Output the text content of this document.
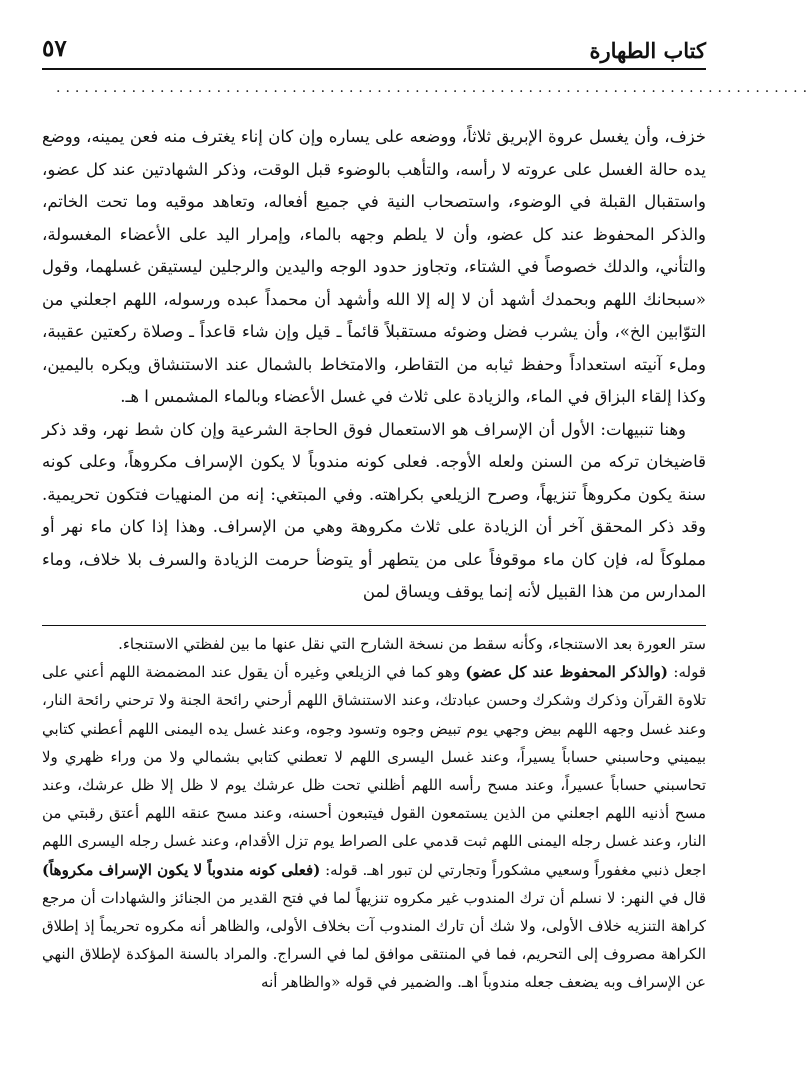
كتاب الطهارة
٥٧
................................................................................

خزف، وأن يغسل عروة الإبريق ثلاثاً، ووضعه على يساره وإن كان إناء يغترف منه فعن يمينه، ووضع يده حالة الغسل على عروته لا رأسه، والتأهب بالوضوء قبل الوقت، وذكر الشهادتين عند كل عضو، واستقبال القبلة في الوضوء، واستصحاب النية في جميع أفعاله، وتعاهد موقيه وما تحت الخاتم، والذكر المحفوظ عند كل عضو، وأن لا يلطم وجهه بالماء، وإمرار اليد على الأعضاء المغسولة، والتأني، والدلك خصوصاً في الشتاء، وتجاوز حدود الوجه واليدين والرجلين ليستيقن غسلهما، وقول «سبحانك اللهم وبحمدك أشهد أن لا إله إلا الله وأشهد أن محمداً عبده ورسوله، اللهم اجعلني من التوّابين الخ»، وأن يشرب فضل وضوئه مستقبلاً قائماً ـ قيل وإن شاء قاعداً ـ وصلاة ركعتين عقيبة، وملء آنيته استعداداً وحفظ ثيابه من التقاطر، والامتخاط بالشمال عند الاستنشاق ويكره باليمين، وكذا إلقاء البزاق في الماء، والزيادة على ثلاث في غسل الأعضاء وبالماء المشمس ا هـ.

وهنا تنبيهات: الأول أن الإسراف هو الاستعمال فوق الحاجة الشرعية وإن كان شط نهر، وقد ذكر قاضيخان تركه من السنن ولعله الأوجه. فعلى كونه مندوباً لا يكون الإسراف مكروهاً، وعلى كونه سنة يكون مكروهاً تنزيهاً، وصرح الزيلعي بكراهته. وفي المبتغي: إنه من المنهيات فتكون تحريمية. وقد ذكر المحقق آخر أن الزيادة على ثلاث مكروهة وهي من الإسراف. وهذا إذا كان ماء نهر أو مملوكاً له، فإن كان ماء موقوفاً على من يتطهر أو يتوضأ حرمت الزيادة والسرف بلا خلاف، وماء المدارس من هذا القبيل لأنه إنما يوقف ويساق لمن

ستر العورة بعد الاستنجاء، وكأنه سقط من نسخة الشارح التي نقل عنها ما بين لفظتي الاستنجاء.

قوله: (والذكر المحفوظ عند كل عضو) وهو كما في الزيلعي وغيره أن يقول عند المضمضة اللهم أعني على تلاوة القرآن وذكرك وشكرك وحسن عبادتك، وعند الاستنشاق اللهم أرحني رائحة الجنة ولا ترحني رائحة النار، وعند غسل وجهه اللهم بيض وجهي يوم تبيض وجوه وتسود وجوه، وعند غسل يده اليمنى اللهم أعطني كتابي بيميني وحاسبني حساباً يسيراً، وعند غسل اليسرى اللهم لا تعطني كتابي بشمالي ولا من وراء ظهري ولا تحاسبني حساباً عسيراً، وعند مسح رأسه اللهم أظلني تحت ظل عرشك يوم لا ظل إلا ظل عرشك، وعند مسح أذنيه اللهم اجعلني من الذين يستمعون القول فيتبعون أحسنه، وعند مسح عنقه اللهم أعتق رقبتي من النار، وعند غسل رجله اليمنى اللهم ثبت قدمي على الصراط يوم تزل الأقدام، وعند غسل رجله اليسرى اللهم اجعل ذنبي مغفوراً وسعيي مشكوراً وتجارتي لن تبور اهـ. قوله: (فعلى كونه مندوباً لا يكون الإسراف مكروهاً) قال في النهر: لا نسلم أن ترك المندوب غير مكروه تنزيهاً لما في فتح القدير من الجنائز والشهادات أن مرجع كراهة التنزيه خلاف الأولى، ولا شك أن تارك المندوب آت بخلاف الأولى، والظاهر أنه مكروه تحريماً إذ إطلاق الكراهة مصروف إلى التحريم، فما في المنتقى موافق لما في السراج. والمراد بالسنة المؤكدة لإطلاق النهي عن الإسراف وبه يضعف جعله مندوباً اهـ. والضمير في قوله «والظاهر أنه
